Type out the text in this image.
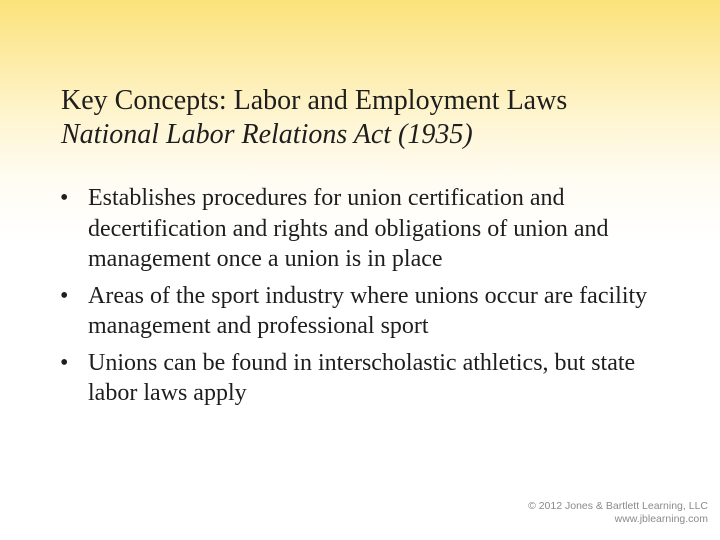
Key Concepts: Labor and Employment Laws
National Labor Relations Act (1935)
• Establishes procedures for union certification and decertification and rights and obligations of union and management once a union is in place
• Areas of the sport industry where unions occur are facility management and professional sport
• Unions can be found in interscholastic athletics, but state labor laws apply
© 2012 Jones & Bartlett Learning, LLC
www.jblearning.com
